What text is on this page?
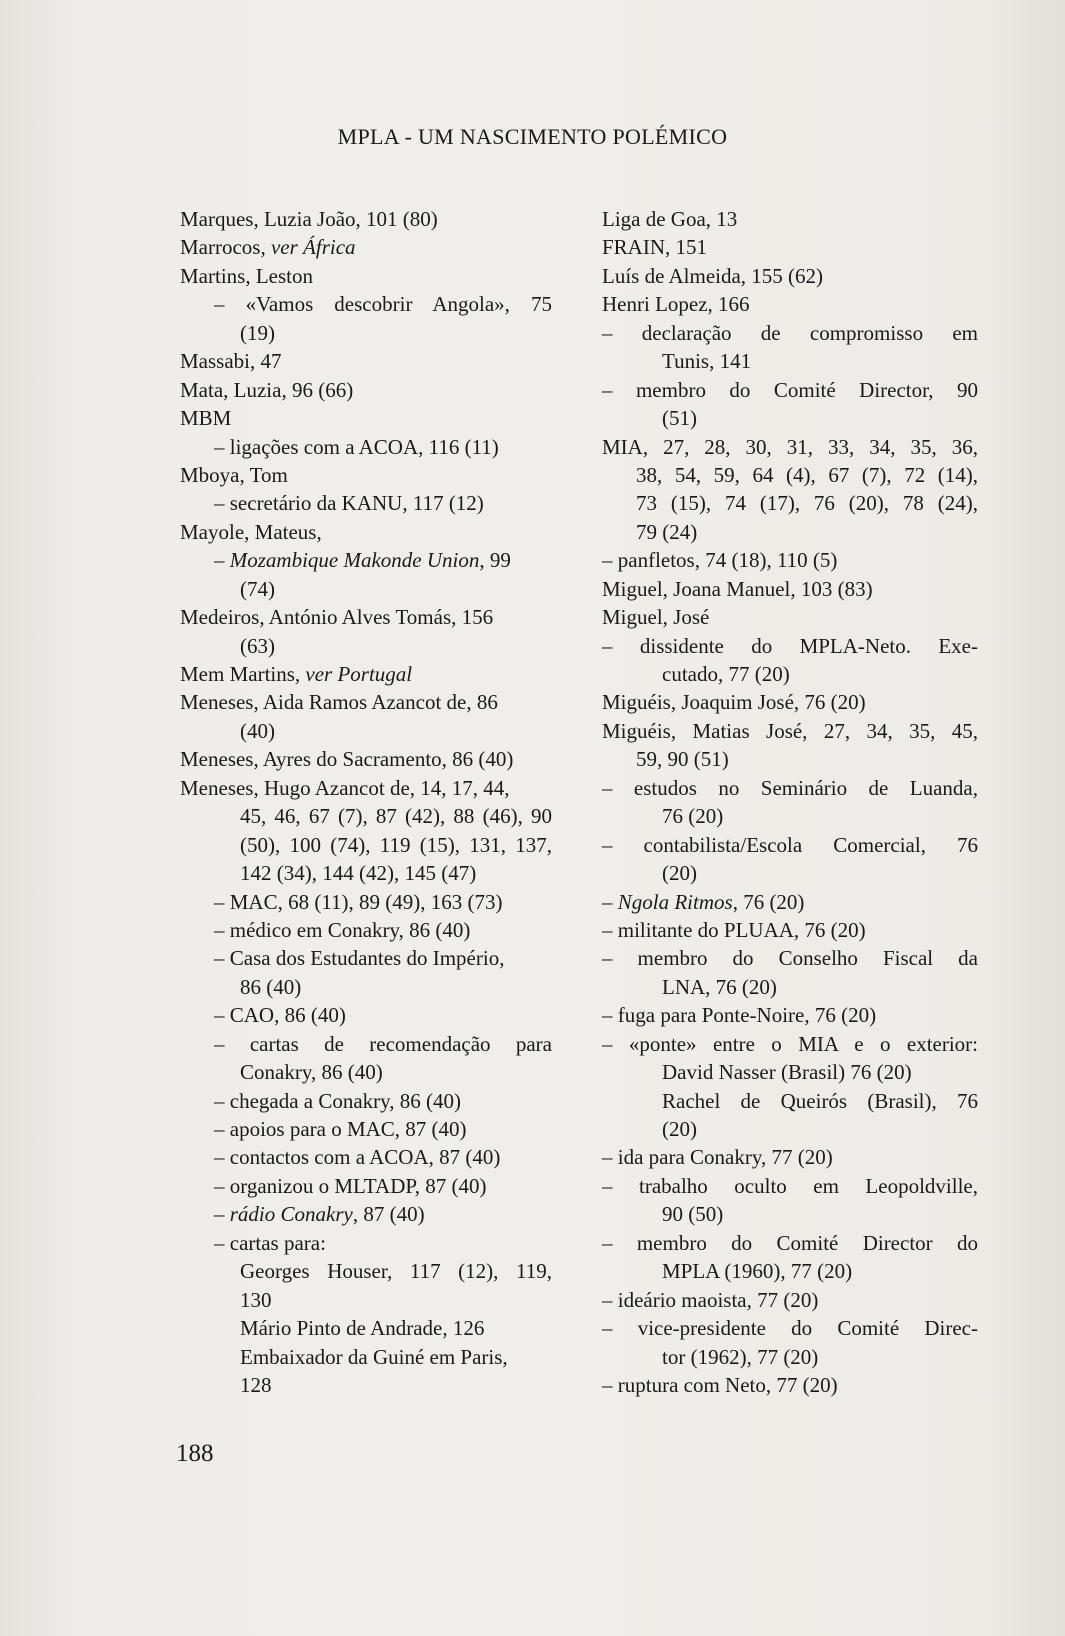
MPLA - UM NASCIMENTO POLÉMICO
Marques, Luzia João, 101 (80)
Marrocos, ver África
Martins, Leston
– «Vamos descobrir Angola», 75
(19)
Massabi, 47
Mata, Luzia, 96 (66)
MBM
– ligações com a ACOA, 116 (11)
Mboya, Tom
– secretário da KANU, 117 (12)
Mayole, Mateus,
– Mozambique Makonde Union, 99
(74)
Medeiros, António Alves Tomás, 156
(63)
Mem Martins, ver Portugal
Meneses, Aida Ramos Azancot de, 86
(40)
Meneses, Ayres do Sacramento, 86 (40)
Meneses, Hugo Azancot de, 14, 17, 44,
45, 46, 67 (7), 87 (42), 88 (46), 90
(50), 100 (74), 119 (15), 131, 137,
142 (34), 144 (42), 145 (47)
– MAC, 68 (11), 89 (49), 163 (73)
– médico em Conakry, 86 (40)
– Casa dos Estudantes do Império,
86 (40)
– CAO, 86 (40)
– cartas de recomendação para
Conakry, 86 (40)
– chegada a Conakry, 86 (40)
– apoios para o MAC, 87 (40)
– contactos com a ACOA, 87 (40)
– organizou o MLTADP, 87 (40)
– rádio Conakry, 87 (40)
– cartas para:
Georges Houser, 117 (12), 119,
130
Mário Pinto de Andrade, 126
Embaixador da Guiné em Paris,
128
Liga de Goa, 13
FRAIN, 151
Luís de Almeida, 155 (62)
Henri Lopez, 166
– declaração de compromisso em
Tunis, 141
– membro do Comité Director, 90
(51)
MIA, 27, 28, 30, 31, 33, 34, 35, 36,
38, 54, 59, 64 (4), 67 (7), 72 (14),
73 (15), 74 (17), 76 (20), 78 (24),
79 (24)
– panfletos, 74 (18), 110 (5)
Miguel, Joana Manuel, 103 (83)
Miguel, José
– dissidente do MPLA-Neto. Exe-
cutado, 77 (20)
Miguéis, Joaquim José, 76 (20)
Miguéis, Matias José, 27, 34, 35, 45,
59, 90 (51)
– estudos no Seminário de Luanda,
76 (20)
– contabilista/Escola Comercial, 76
(20)
– Ngola Ritmos, 76 (20)
– militante do PLUAA, 76 (20)
– membro do Conselho Fiscal da
LNA, 76 (20)
– fuga para Ponte-Noire, 76 (20)
– «ponte» entre o MIA e o exterior:
David Nasser (Brasil) 76 (20)
Rachel de Queirós (Brasil), 76
(20)
– ida para Conakry, 77 (20)
– trabalho oculto em Leopoldville,
90 (50)
– membro do Comité Director do
MPLA (1960), 77 (20)
– ideário maoista, 77 (20)
– vice-presidente do Comité Direc-
tor (1962), 77 (20)
– ruptura com Neto, 77 (20)
188
